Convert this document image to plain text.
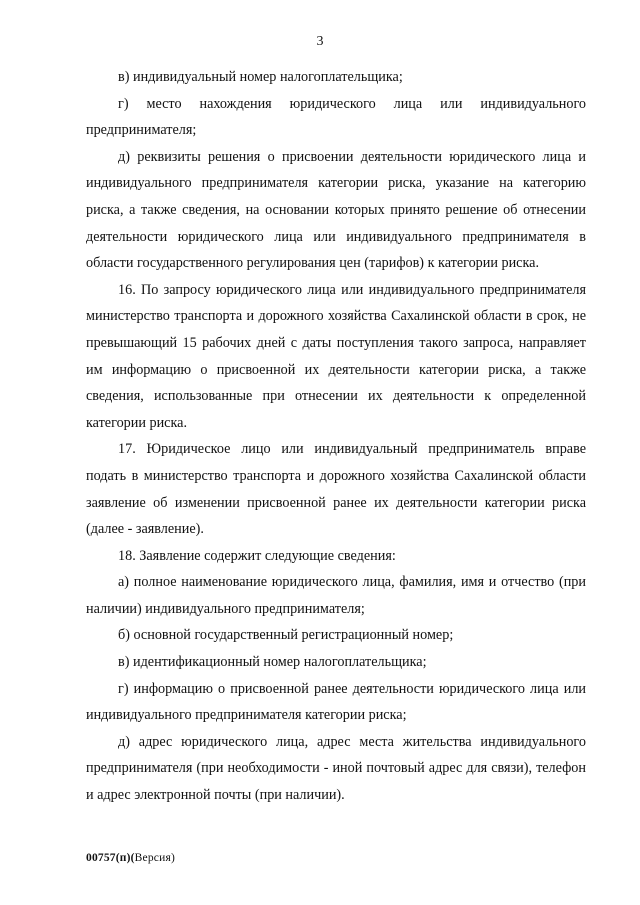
3

в) индивидуальный номер налогоплательщика;

г) место нахождения юридического лица или индивидуального предпринимателя;

д) реквизиты решения о присвоении деятельности юридического лица и индивидуального предпринимателя категории риска, указание на категорию риска, а также сведения, на основании которых принято решение об отнесении деятельности юридического лица или индивидуального предпринимателя в области государственного регулирования цен (тарифов) к категории риска.

16. По запросу юридического лица или индивидуального предпринимателя министерство транспорта и дорожного хозяйства Сахалинской области в срок, не превышающий 15 рабочих дней с даты поступления такого запроса, направляет им информацию о присвоенной их деятельности категории риска, а также сведения, использованные при отнесении их деятельности к определенной категории риска.

17. Юридическое лицо или индивидуальный предприниматель вправе подать в министерство транспорта и дорожного хозяйства Сахалинской области заявление об изменении присвоенной ранее их деятельности категории риска (далее - заявление).

18. Заявление содержит следующие сведения:

а) полное наименование юридического лица, фамилия, имя и отчество (при наличии) индивидуального предпринимателя;

б) основной государственный регистрационный номер;

в) идентификационный номер налогоплательщика;

г) информацию о присвоенной ранее деятельности юридического лица или индивидуального предпринимателя категории риска;

д) адрес юридического лица, адрес места жительства индивидуального предпринимателя (при необходимости - иной почтовый адрес для связи), телефон и адрес электронной почты (при наличии).

00757(п)(Версия)
